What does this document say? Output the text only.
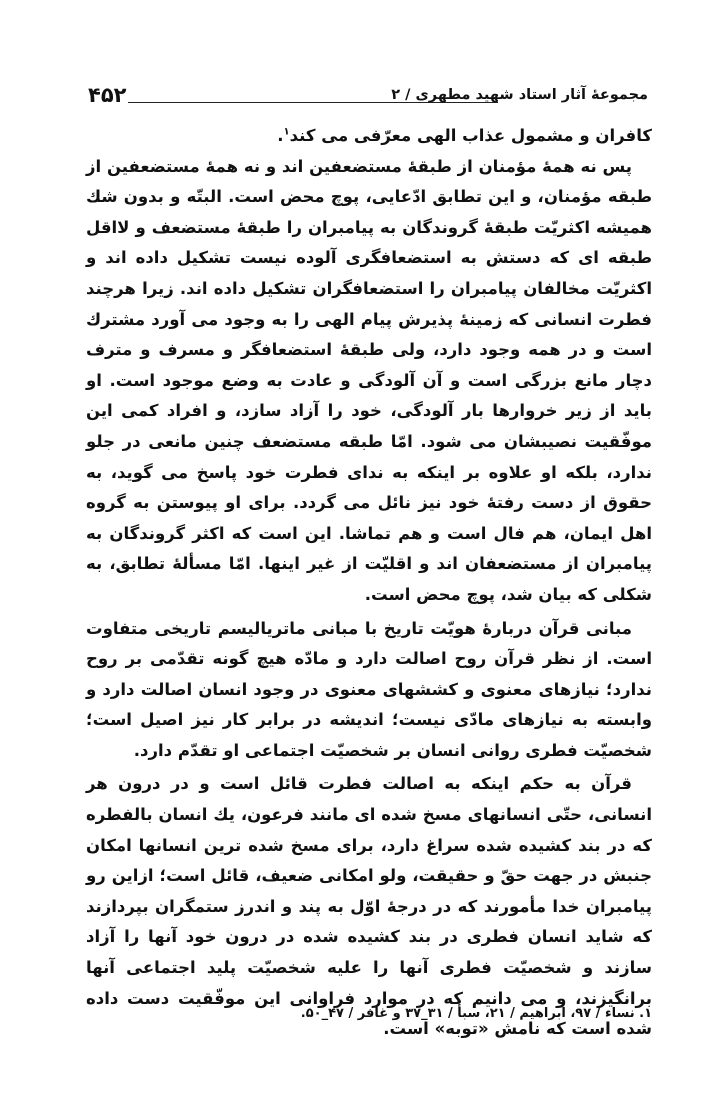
۴۵۲	مجموعهٔ آثار استاد شهید مطهری / ۲

کافران و مشمول عذاب الهی معرّفی می کند$^۱$.

پس نه همهٔ مؤمنان از طبقهٔ مستضعفین اند و نه همهٔ مستضعفین از طبقه مؤمنان، و این تطابق ادّعایی، پوچ محض است. البتّه و بدون شك همیشه اکثریّت طبقهٔ گروندگان به پیامبران را طبقهٔ مستضعف و لااقل طبقه ای که دستش به استضعافگری آلوده نیست تشکیل داده اند و اکثریّت مخالفان پیامبران را استضعافگران تشکیل داده اند. زیرا هرچند فطرت انسانی که زمینهٔ پذیرش پیام الهی را به وجود می آورد مشترك است و در همه وجود دارد، ولی طبقهٔ استضعافگر و مسرف و مترف دچار مانع بزرگی است و آن آلودگی و عادت به وضع موجود است. او باید از زیر خروارها بار آلودگی، خود را آزاد سازد، و افراد کمی این موفّقیت نصیبشان می شود. امّا طبقه مستضعف چنین مانعی در جلو ندارد، بلکه او علاوه بر اینکه به ندای فطرت خود پاسخ می گوید، به حقوق از دست رفتهٔ خود نیز نائل می گردد. برای او پیوستن به گروه اهل ایمان، هم فال است و هم تماشا. این است که اکثر گروندگان به پیامبران از مستضعفان اند و اقلیّت از غیر اینها. امّا مسألهٔ تطابق، به شکلی که بیان شد، پوچ محض است.

مبانی قرآن دربارهٔ هویّت تاریخ با مبانی ماتریالیسم تاریخی متفاوت است. از نظر قرآن روح اصالت دارد و مادّه هیچ گونه تقدّمی بر روح ندارد؛ نیازهای معنوی و کششهای معنوی در وجود انسان اصالت دارد و وابسته به نیازهای مادّی نیست؛ اندیشه در برابر کار نیز اصیل است؛ شخصیّت فطری روانی انسان بر شخصیّت اجتماعی او تقدّم دارد.

قرآن به حکم اینکه به اصالت فطرت قائل است و در درون هر انسانی، حتّی انسانهای مسخ شده ای مانند فرعون، یك انسان بالفطره که در بند کشیده شده سراغ دارد، برای مسخ شده ترین انسانها امکان جنبش در جهت حقّ و حقیقت، ولو امکانی ضعیف، قائل است؛ ازاین رو پیامبران خدا مأمورند که در درجهٔ اوّل به پند و اندرز ستمگران بپردازند که شاید انسان فطری در بند کشیده شده در درون خود آنها را آزاد سازند و شخصیّت فطری آنها را علیه شخصیّت پلید اجتماعی آنها برانگیزند، و می دانیم که در موارد فراوانی این موفّقیت دست داده شده است که نامش «توبه» است.

۱. نساء / ۹۷، ابراهیم / ۲۱، سبأ / ۳۱_۳۷ و غافر / ۴۷_۵۰.
